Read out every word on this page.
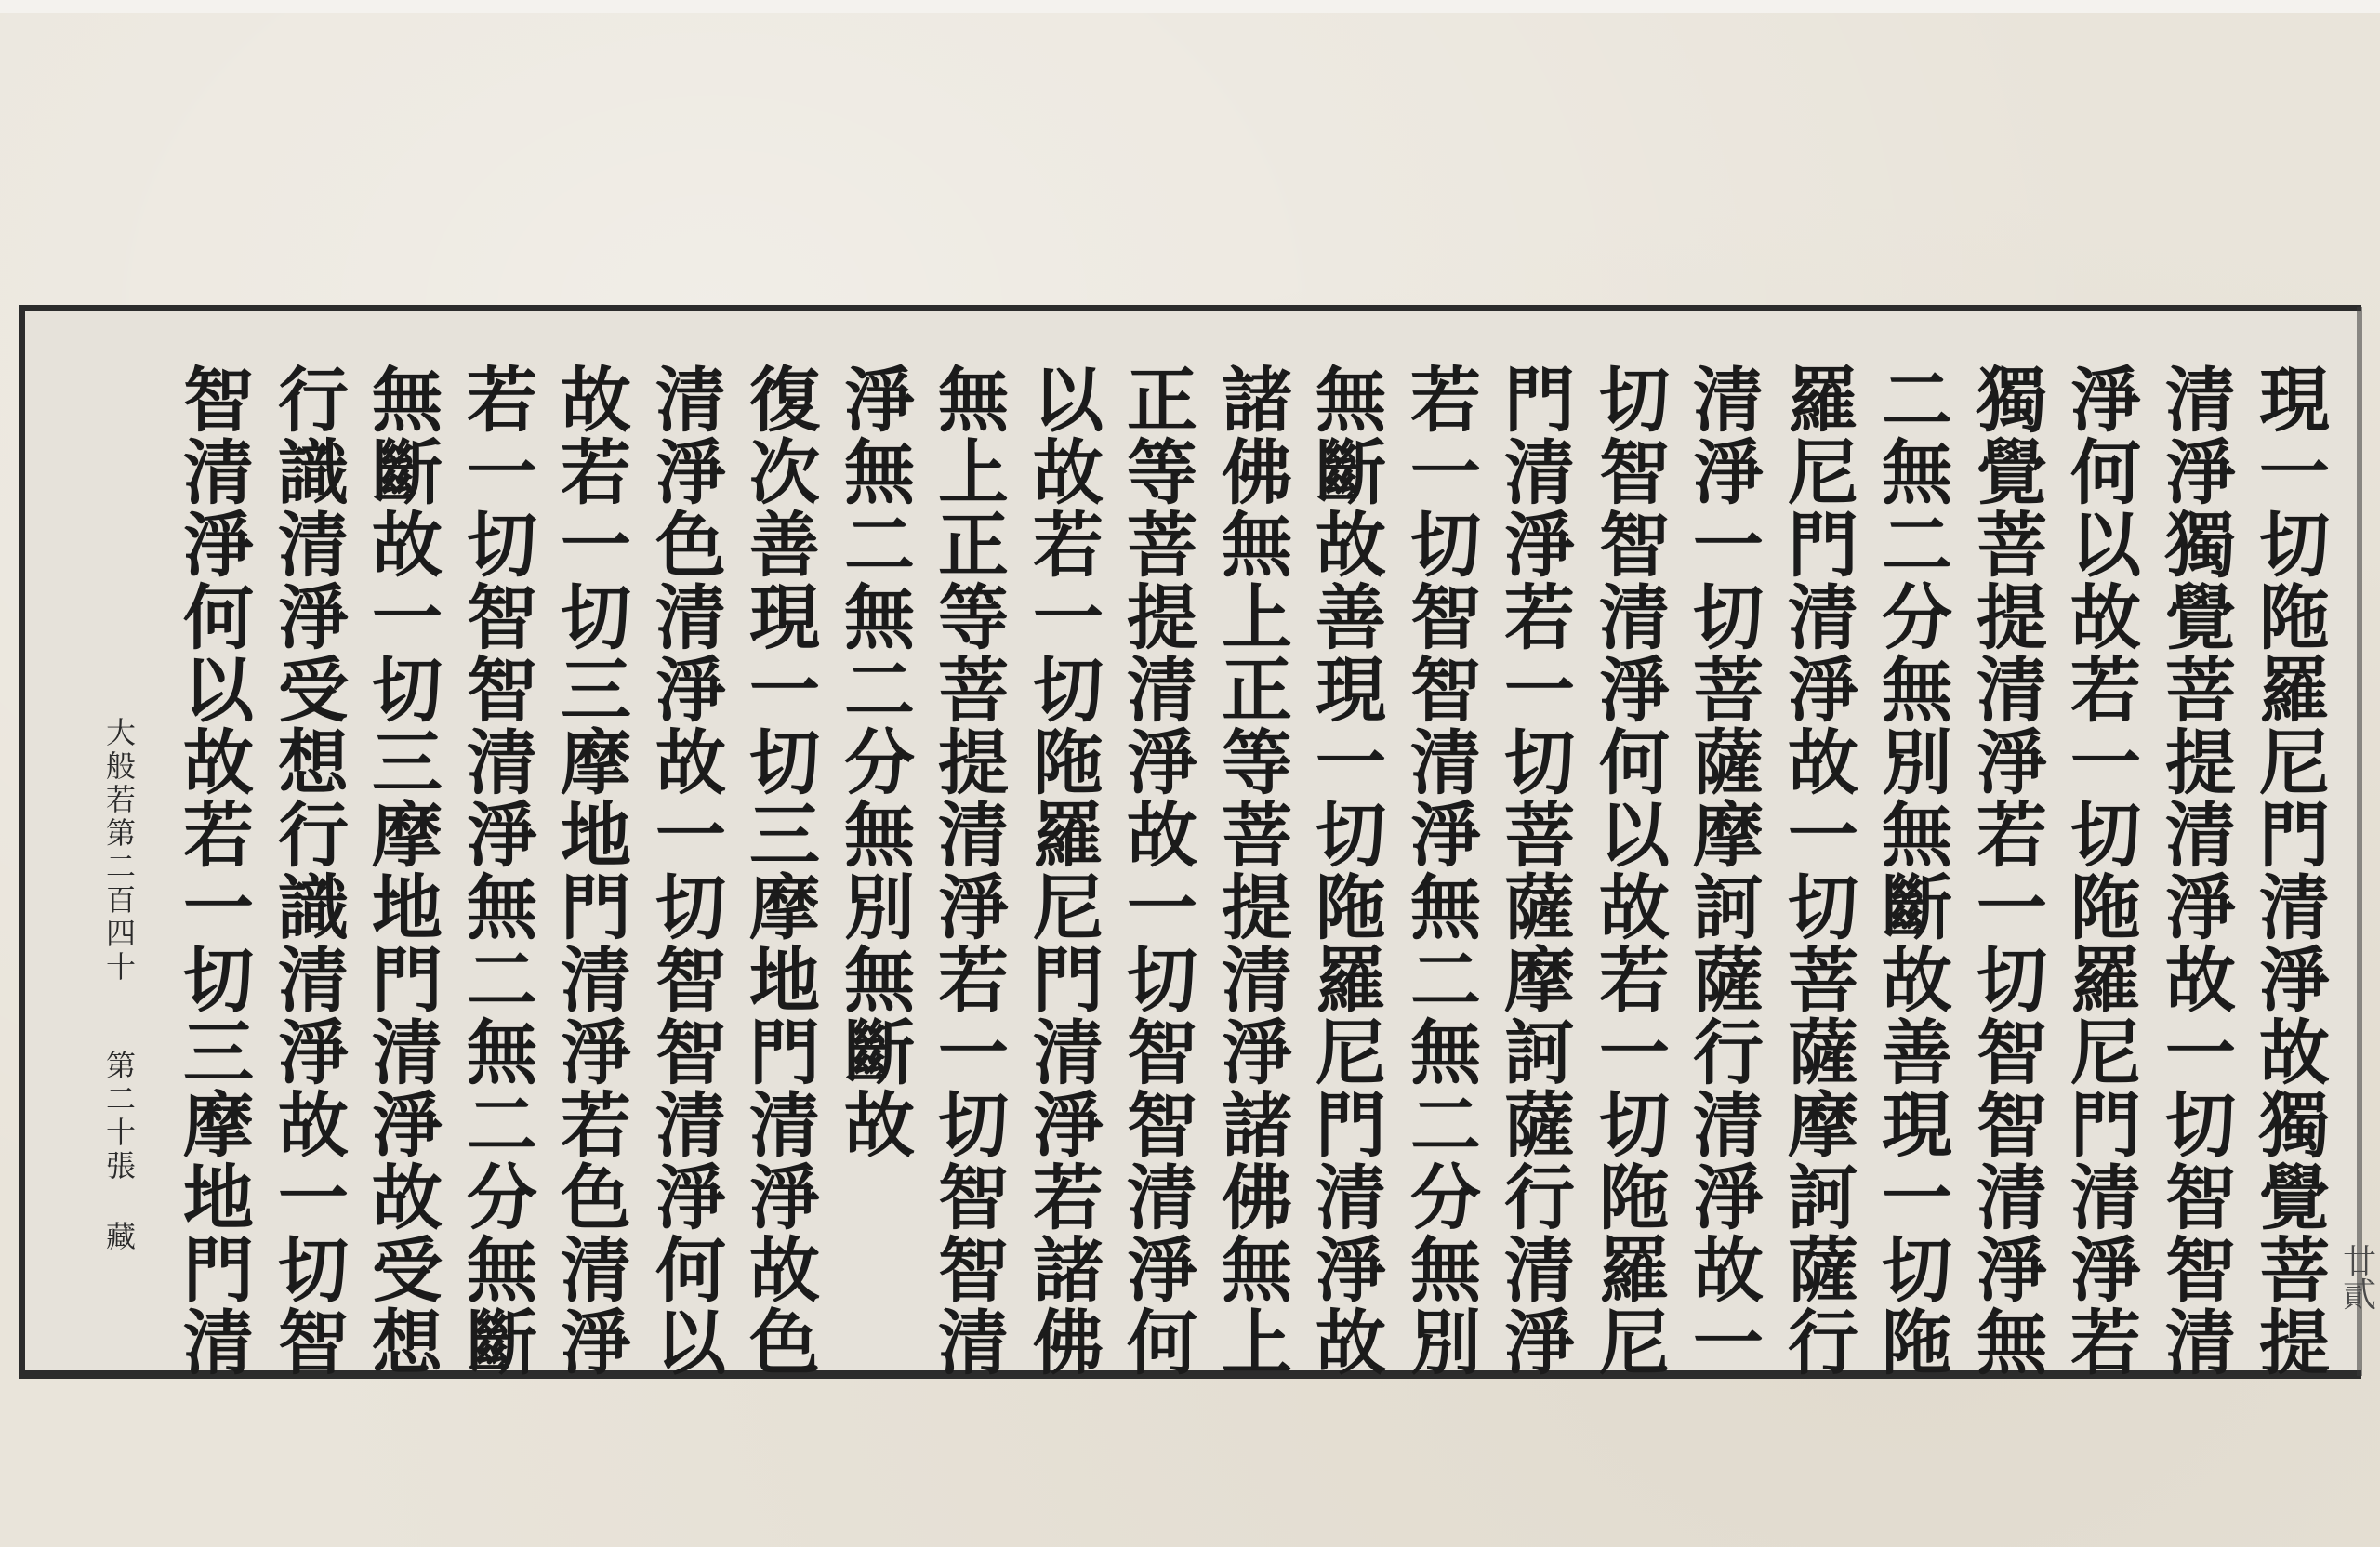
現
一
切
陁
羅
尼
門
清
淨
故
獨
覺
菩
提
清
淨
獨
覺
菩
提
清
淨
故
一
切
智
智
清
淨
何
以
故
若
一
切
陁
羅
尼
門
清
淨
若
獨
覺
菩
提
清
淨
若
一
切
智
智
清
淨
無
二
無
二
分
無
別
無
斷
故
善
現
一
切
陁
羅
尼
門
清
淨
故
一
切
菩
薩
摩
訶
薩
行
清
淨
一
切
菩
薩
摩
訶
薩
行
清
淨
故
一
切
智
智
清
淨
何
以
故
若
一
切
陁
羅
尼
門
清
淨
若
一
切
菩
薩
摩
訶
薩
行
清
淨
若
一
切
智
智
清
淨
無
二
無
二
分
無
別
無
斷
故
善
現
一
切
陁
羅
尼
門
清
淨
故
諸
佛
無
上
正
等
菩
提
清
淨
諸
佛
無
上
正
等
菩
提
清
淨
故
一
切
智
智
清
淨
何
以
故
若
一
切
陁
羅
尼
門
清
淨
若
諸
佛
無
上
正
等
菩
提
清
淨
若
一
切
智
智
清
淨
無
二
無
二
分
無
別
無
斷
故
復
次
善
現
一
切
三
摩
地
門
清
淨
故
色
清
淨
色
清
淨
故
一
切
智
智
清
淨
何
以
故
若
一
切
三
摩
地
門
清
淨
若
色
清
淨
若
一
切
智
智
清
淨
無
二
無
二
分
無
斷
無
斷
故
一
切
三
摩
地
門
清
淨
故
受
想
行
識
清
淨
受
想
行
識
清
淨
故
一
切
智
智
清
淨
何
以
故
若
一
切
三
摩
地
門
清
大
般
若
第
二
百
四
十
第
二
十
張
藏
廿
貳
